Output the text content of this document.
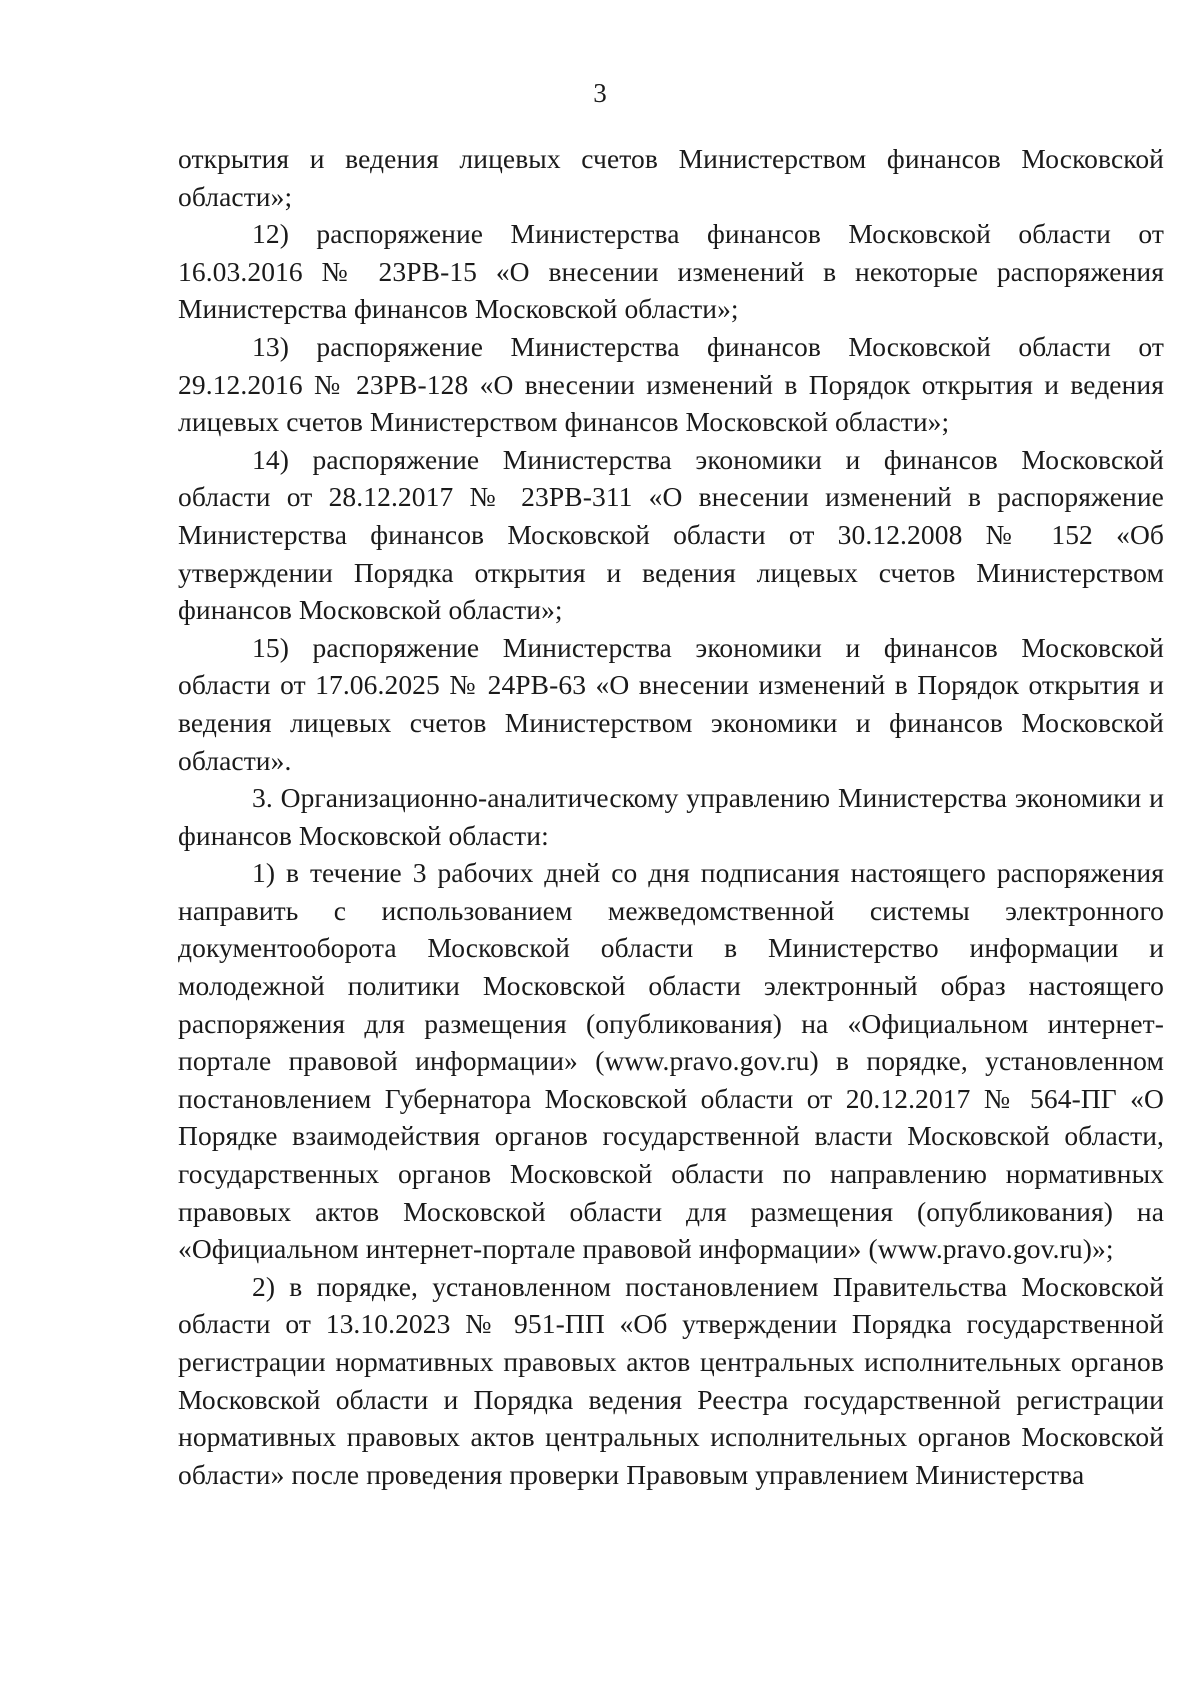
3

открытия и ведения лицевых счетов Министерством финансов Московской области»;

12) распоряжение Министерства финансов Московской области от 16.03.2016 № 23РВ-15 «О внесении изменений в некоторые распоряжения Министерства финансов Московской области»;

13) распоряжение Министерства финансов Московской области от 29.12.2016 № 23РВ-128 «О внесении изменений в Порядок открытия и ведения лицевых счетов Министерством финансов Московской области»;

14) распоряжение Министерства экономики и финансов Московской области от 28.12.2017 № 23РВ-311 «О внесении изменений в распоряжение Министерства финансов Московской области от 30.12.2008 № 152 «Об утверждении Порядка открытия и ведения лицевых счетов Министерством финансов Московской области»;

15) распоряжение Министерства экономики и финансов Московской области от 17.06.2025 № 24РВ-63 «О внесении изменений в Порядок открытия и ведения лицевых счетов Министерством экономики и финансов Московской области».

3. Организационно-аналитическому управлению Министерства экономики и финансов Московской области:

1) в течение 3 рабочих дней со дня подписания настоящего распоряжения направить с использованием межведомственной системы электронного документооборота Московской области в Министерство информации и молодежной политики Московской области электронный образ настоящего распоряжения для размещения (опубликования) на «Официальном интернет-портале правовой информации» (www.pravo.gov.ru) в порядке, установленном постановлением Губернатора Московской области от 20.12.2017 № 564-ПГ «О Порядке взаимодействия органов государственной власти Московской области, государственных органов Московской области по направлению нормативных правовых актов Московской области для размещения (опубликования) на «Официальном интернет-портале правовой информации» (www.pravo.gov.ru)»;

2) в порядке, установленном постановлением Правительства Московской области от 13.10.2023 № 951-ПП «Об утверждении Порядка государственной регистрации нормативных правовых актов центральных исполнительных органов Московской области и Порядка ведения Реестра государственной регистрации нормативных правовых актов центральных исполнительных органов Московской области» после проведения проверки Правовым управлением Министерства
